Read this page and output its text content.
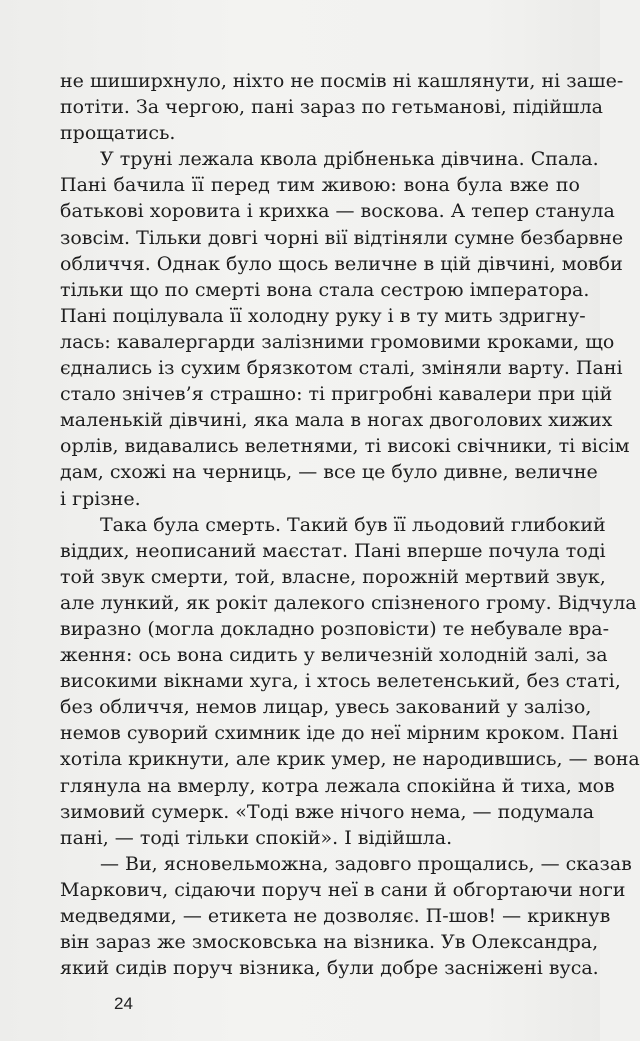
не шиширхнуло, ніхто не посмів ні кашлянути, ні заше-
потіти. За чергою, пані зараз по гетьманові, підійшла
прощатись.
У труні лежала квола дрібненька дівчина. Спала.
Пані бачила її перед тим живою: вона була вже по
батькові хоровита і крихка — воскова. А тепер станула
зовсім. Тільки довгі чорні вії відтіняли сумне безбарвне
обличчя. Однак було щось величне в цій дівчині, мовби
тільки що по смерті вона стала сестрою імператора.
Пані поцілувала її холодну руку і в ту мить здригну-
лась: кавалергарди залізними громовими кроками, що
єднались із сухим брязкотом сталі, зміняли варту. Пані
стало знічев’я страшно: ті пригробні кавалери при цій
маленькій дівчині, яка мала в ногах двоголових хижих
орлів, видавались велетнями, ті високі свічники, ті вісім
дам, схожі на черниць, — все це було дивне, величне
і грізне.
Така була смерть. Такий був її льодовий глибокий
віддих, неописаний маєстат. Пані вперше почула тоді
той звук смерти, той, власне, порожній мертвий звук,
але лункий, як рокіт далекого спізненого грому. Відчула
виразно (могла докладно розповісти) те небувале вра-
ження: ось вона сидить у величезній холодній залі, за
високими вікнами хуга, і хтось велетенський, без статі,
без обличчя, немов лицар, увесь закований у залізо,
немов суворий схимник іде до неї мірним кроком. Пані
хотіла крикнути, але крик умер, не народившись, — вона
глянула на вмерлу, котра лежала спокійна й тиха, мов
зимовий сумерк. «Тоді вже нічого нема, — подумала
пані, — тоді тільки спокій». І відійшла.
— Ви, ясновельможна, задовго прощались, — сказав
Маркович, сідаючи поруч неї в сани й обгортаючи ноги
медведями, — етикета не дозволяє. П-шов! — крикнув
він зараз же змосковська на візника. Ув Олександра,
який сидів поруч візника, були добре засніжені вуса.
24
